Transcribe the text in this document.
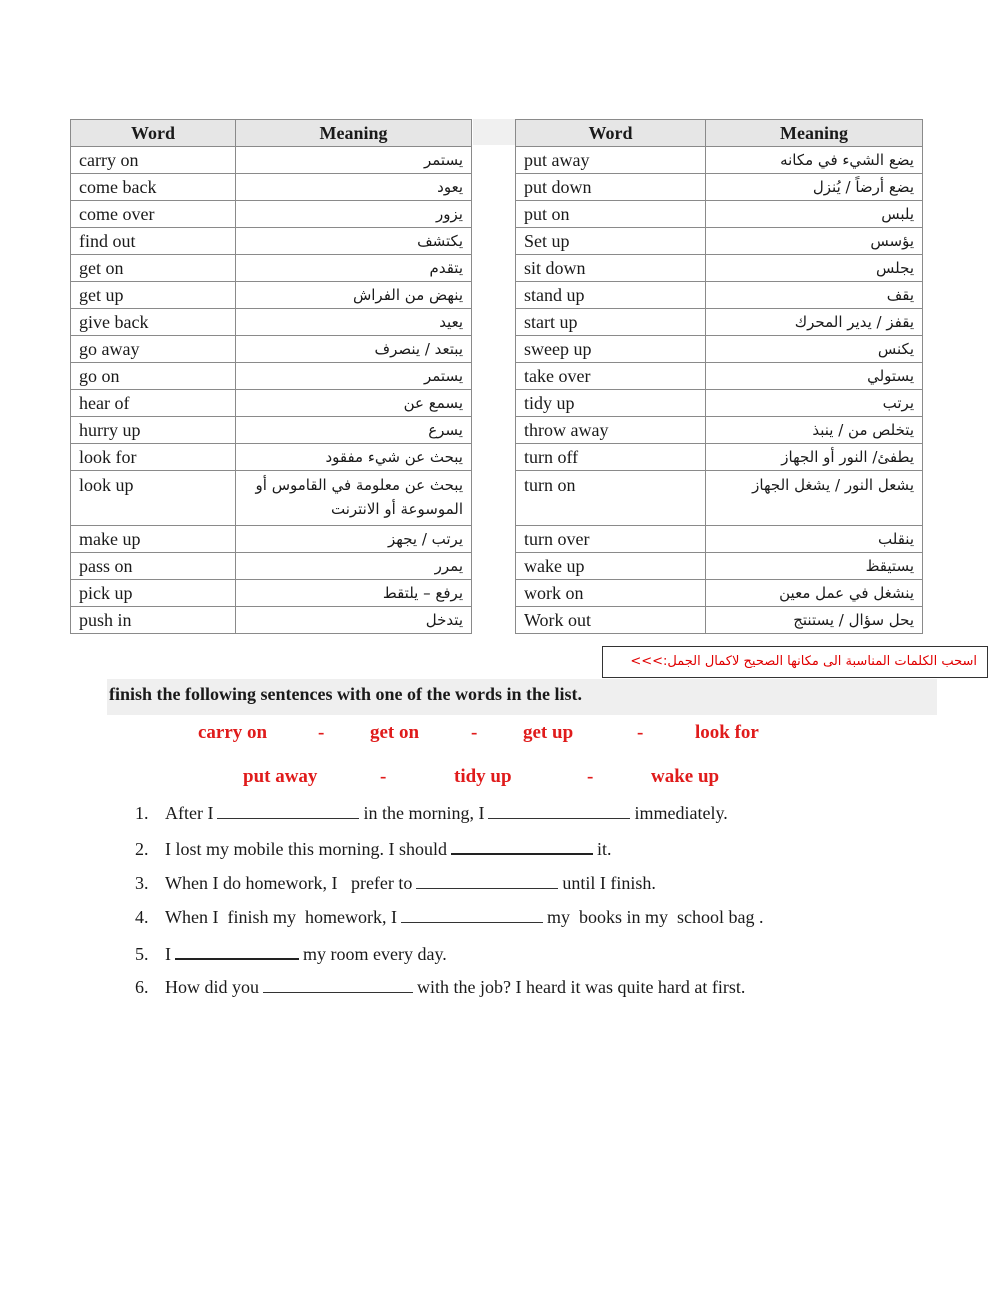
Word	Meaning
carry on	يستمر
come back	يعود
come over	يزور
find out	يكتشف
get on	يتقدم
get up	ينهض من الفراش
give back	يعيد
go away	يبتعد / ينصرف
go on	يستمر
hear of	يسمع عن
hurry up	يسرع
look for	يبحث عن شيء مفقود
look up	يبحث عن معلومة في القاموس أو الموسوعة أو الانترنت
make up	يرتب / يجهز
pass on	يمرر
pick up	يرفع – يلتقط
push in	يتدخل
Word	Meaning
put away	يضع الشيء في مكانه
put down	يضع أرضاً / يُنزل
put on	يلبس
Set up	يؤسس
sit down	يجلس
stand up	يقف
start up	يقفز / يدير المحرك
sweep up	يكنس
take over	يستولي
tidy up	يرتب
throw away	يتخلص من / ينبذ
turn off	يطفئ/ النور أو الجهاز
turn on	يشعل النور / يشغل الجهاز
turn over	ينقلب
wake up	يستيقظ
work on	ينشغل في عمل معين
Work out	يحل سؤال / يستنتج
اسحب الكلمات المناسبة الى مكانها الصحيح لاكمال الجمل:>>>
finish the following sentences with one of the words in the list.
carry on	- get on	- get up	-	look for
put away	-	tidy up	-	wake up
1. After I	in the morning, I	immediately.
2. I lost my mobile this morning. I should	it.
3. When I do homework, I   prefer to	until I finish.
4. When I  finish my  homework, I	my  books in my  school bag .
5. I	my room every day.
6. How did you	with the job? I heard it was quite hard at first.
